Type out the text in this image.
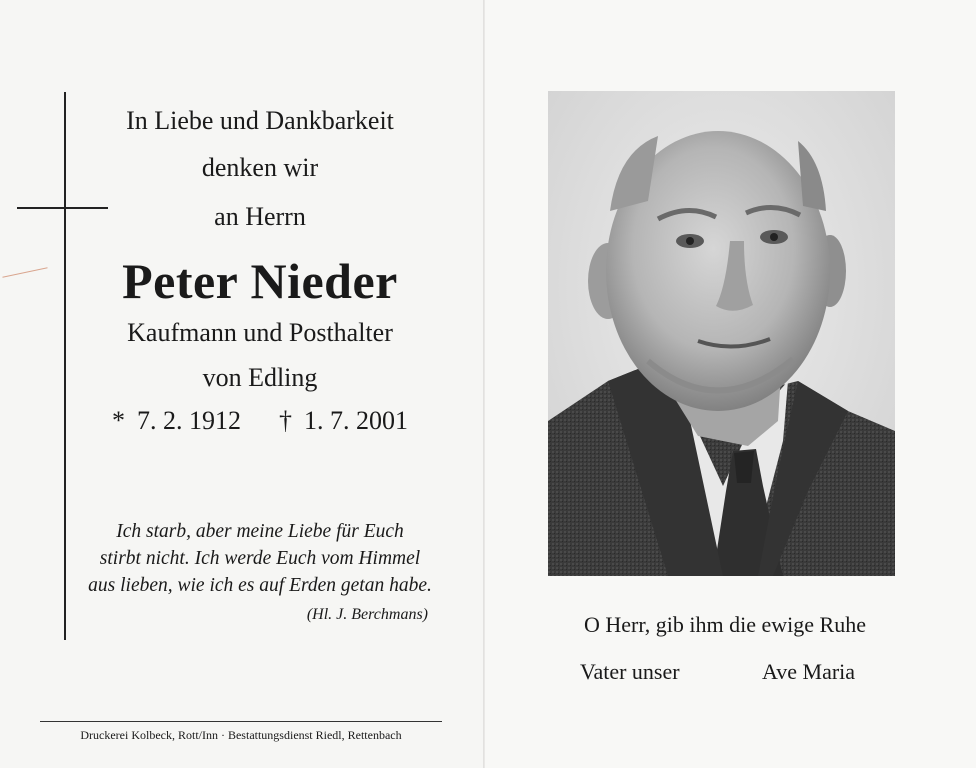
In Liebe und Dankbarkeit
denken wir
an Herrn
Peter Nieder
Kaufmann und Posthalter
von Edling
* 7. 2. 1912 † 1. 7. 2001
Ich starb, aber meine Liebe für Euch
stirbt nicht. Ich werde Euch vom Himmel
aus lieben, wie ich es auf Erden getan habe.
(Hl. J. Berchmans)
Druckerei Kolbeck, Rott/Inn · Bestattungsdienst Riedl, Rettenbach
O Herr, gib ihm die ewige Ruhe
Vater unser	Ave Maria
